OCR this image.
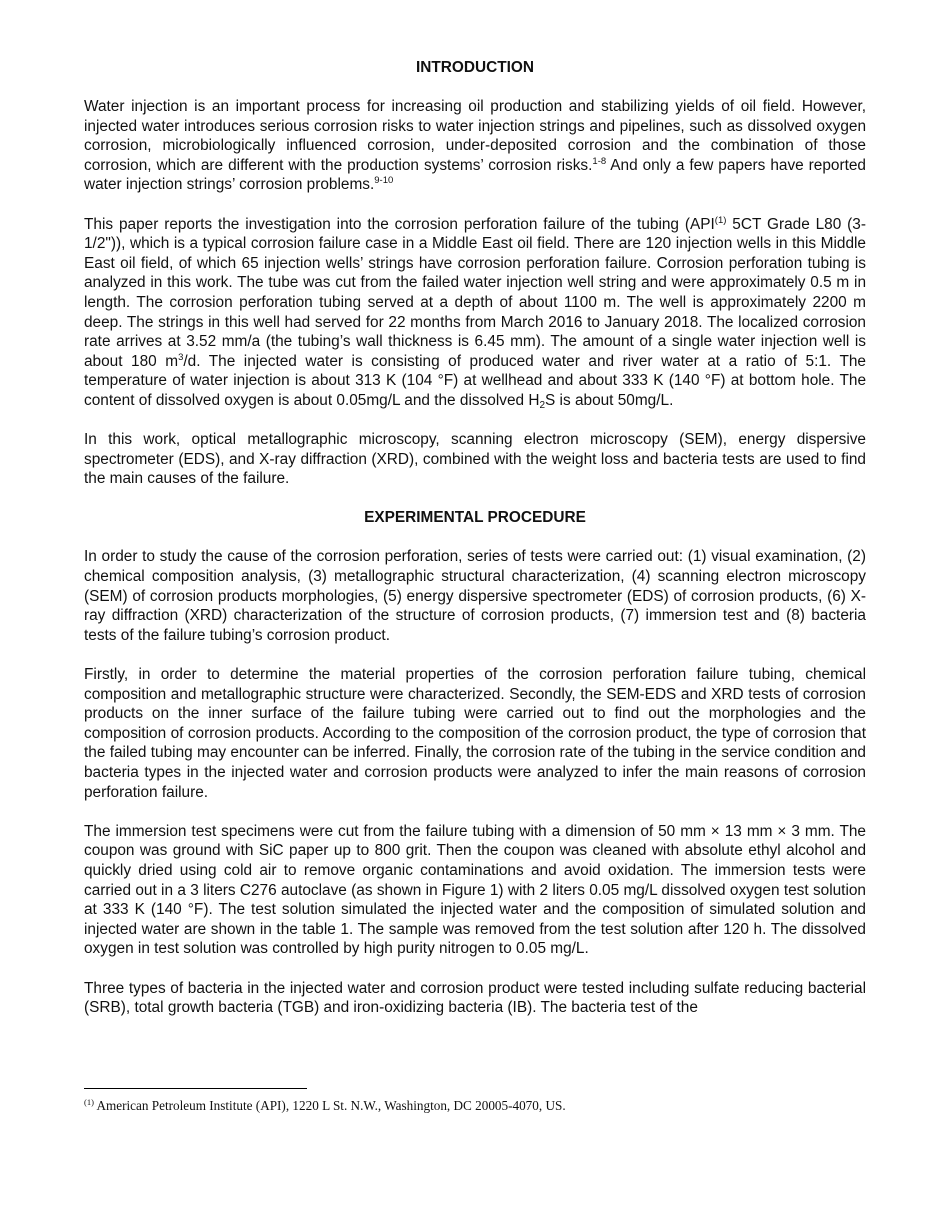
INTRODUCTION

Water injection is an important process for increasing oil production and stabilizing yields of oil field. However, injected water introduces serious corrosion risks to water injection strings and pipelines, such as dissolved oxygen corrosion, microbiologically influenced corrosion, under-deposited corrosion and the combination of those corrosion, which are different with the production systems’ corrosion risks.$^{1-8}$ And only a few papers have reported water injection strings’ corrosion problems.$^{9-10}$

This paper reports the investigation into the corrosion perforation failure of the tubing (API$^{(1)}$ 5CT Grade L80 (3-1/2")), which is a typical corrosion failure case in a Middle East oil field. There are 120 injection wells in this Middle East oil field, of which 65 injection wells’ strings have corrosion perforation failure. Corrosion perforation tubing is analyzed in this work. The tube was cut from the failed water injection well string and were approximately 0.5 m in length. The corrosion perforation tubing served at a depth of about 1100 m. The well is approximately 2200 m deep. The strings in this well had served for 22 months from March 2016 to January 2018. The localized corrosion rate arrives at 3.52 mm/a (the tubing’s wall thickness is 6.45 mm). The amount of a single water injection well is about 180 $m^3/d$. The injected water is consisting of produced water and river water at a ratio of 5:1. The temperature of water injection is about 313 K (104 °F) at wellhead and about 333 K (140 °F) at bottom hole. The content of dissolved oxygen is about 0.05mg/L and the dissolved $H_2S$ is about 50mg/L.

In this work, optical metallographic microscopy, scanning electron microscopy (SEM), energy dispersive spectrometer (EDS), and X-ray diffraction (XRD), combined with the weight loss and bacteria tests are used to find the main causes of the failure.

EXPERIMENTAL PROCEDURE

In order to study the cause of the corrosion perforation, series of tests were carried out: (1) visual examination, (2) chemical composition analysis, (3) metallographic structural characterization, (4) scanning electron microscopy (SEM) of corrosion products morphologies, (5) energy dispersive spectrometer (EDS) of corrosion products, (6) X-ray diffraction (XRD) characterization of the structure of corrosion products, (7) immersion test and (8) bacteria tests of the failure tubing’s corrosion product.

Firstly, in order to determine the material properties of the corrosion perforation failure tubing, chemical composition and metallographic structure were characterized. Secondly, the SEM-EDS and XRD tests of corrosion products on the inner surface of the failure tubing were carried out to find out the morphologies and the composition of corrosion products. According to the composition of the corrosion product, the type of corrosion that the failed tubing may encounter can be inferred. Finally, the corrosion rate of the tubing in the service condition and bacteria types in the injected water and corrosion products were analyzed to infer the main reasons of corrosion perforation failure.

The immersion test specimens were cut from the failure tubing with a dimension of 50 mm × 13 mm × 3 mm. The coupon was ground with SiC paper up to 800 grit. Then the coupon was cleaned with absolute ethyl alcohol and quickly dried using cold air to remove organic contaminations and avoid oxidation. The immersion tests were carried out in a 3 liters C276 autoclave (as shown in Figure 1) with 2 liters 0.05 mg/L dissolved oxygen test solution at 333 K (140 °F). The test solution simulated the injected water and the composition of simulated solution and injected water are shown in the table 1. The sample was removed from the test solution after 120 h. The dissolved oxygen in test solution was controlled by high purity nitrogen to 0.05 mg/L.

Three types of bacteria in the injected water and corrosion product were tested including sulfate reducing bacterial (SRB), total growth bacteria (TGB) and iron-oxidizing bacteria (IB). The bacteria test of the

$^{(1)}$ American Petroleum Institute (API), 1220 L St. N.W., Washington, DC 20005-4070, US.
